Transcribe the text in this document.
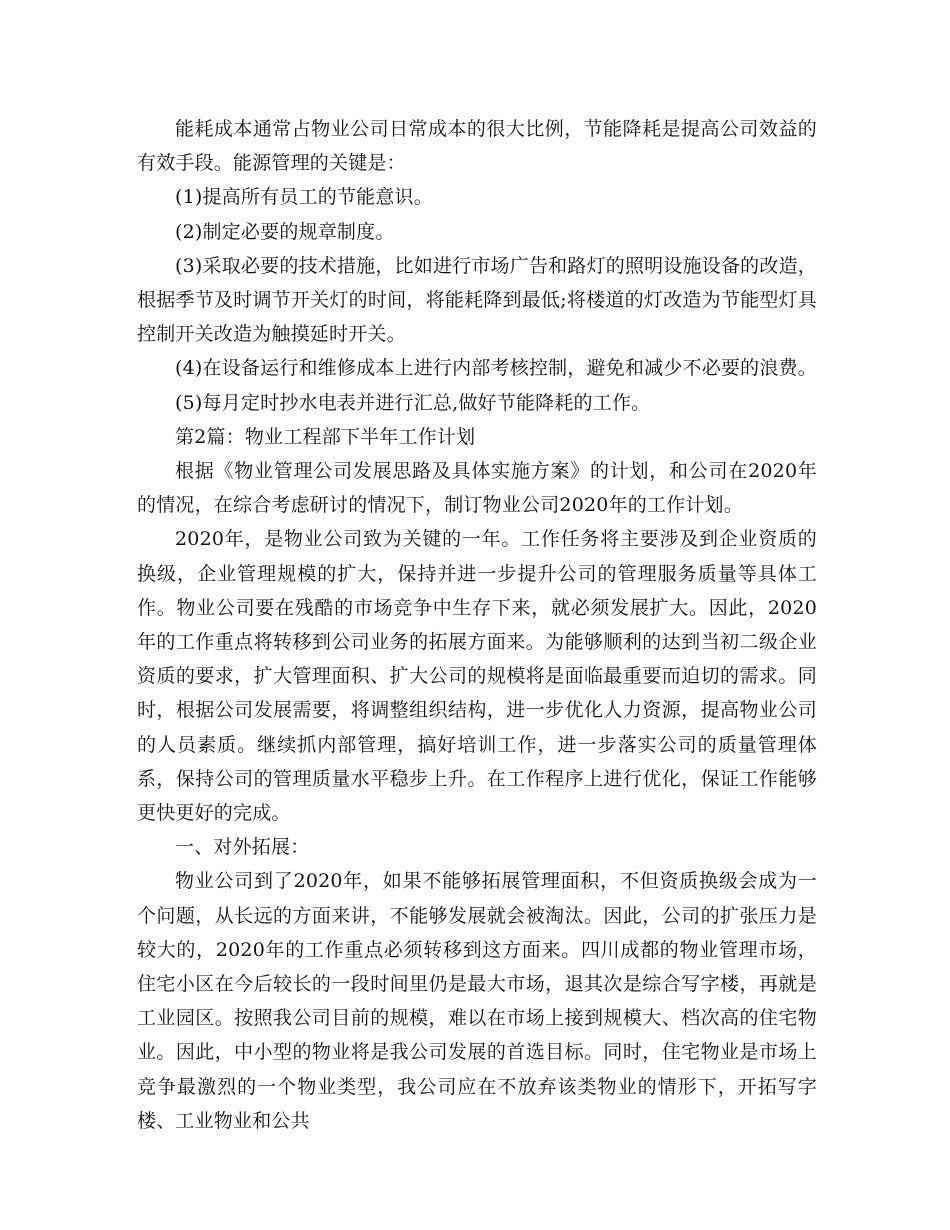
能耗成本通常占物业公司日常成本的很大比例，节能降耗是提高公司效益的有效手段。能源管理的关键是：

(1)提高所有员工的节能意识。

(2)制定必要的规章制度。

(3)采取必要的技术措施，比如进行市场广告和路灯的照明设施设备的改造，根据季节及时调节开关灯的时间，将能耗降到最低;将楼道的灯改造为节能型灯具控制开关改造为触摸延时开关。

(4)在设备运行和维修成本上进行内部考核控制，避免和减少不必要的浪费。

(5)每月定时抄水电表并进行汇总,做好节能降耗的工作。

第2篇：物业工程部下半年工作计划

根据《物业管理公司发展思路及具体实施方案》的计划，和公司在2020年的情况，在综合考虑研讨的情况下，制订物业公司2020年的工作计划。

2020年，是物业公司致为关键的一年。工作任务将主要涉及到企业资质的换级，企业管理规模的扩大，保持并进一步提升公司的管理服务质量等具体工作。物业公司要在残酷的市场竞争中生存下来，就必须发展扩大。因此，2020年的工作重点将转移到公司业务的拓展方面来。为能够顺利的达到当初二级企业资质的要求，扩大管理面积、扩大公司的规模将是面临最重要而迫切的需求。同时，根据公司发展需要，将调整组织结构，进一步优化人力资源，提高物业公司的人员素质。继续抓内部管理，搞好培训工作，进一步落实公司的质量管理体系，保持公司的管理质量水平稳步上升。在工作程序上进行优化，保证工作能够更快更好的完成。

一、对外拓展：

物业公司到了2020年，如果不能够拓展管理面积，不但资质换级会成为一个问题，从长远的方面来讲，不能够发展就会被淘汰。因此，公司的扩张压力是较大的，2020年的工作重点必须转移到这方面来。四川成都的物业管理市场，住宅小区在今后较长的一段时间里仍是最大市场，退其次是综合写字楼，再就是工业园区。按照我公司目前的规模，难以在市场上接到规模大、档次高的住宅物业。因此，中小型的物业将是我公司发展的首选目标。同时，住宅物业是市场上竞争最激烈的一个物业类型，我公司应在不放弃该类物业的情形下，开拓写字楼、工业物业和公共
